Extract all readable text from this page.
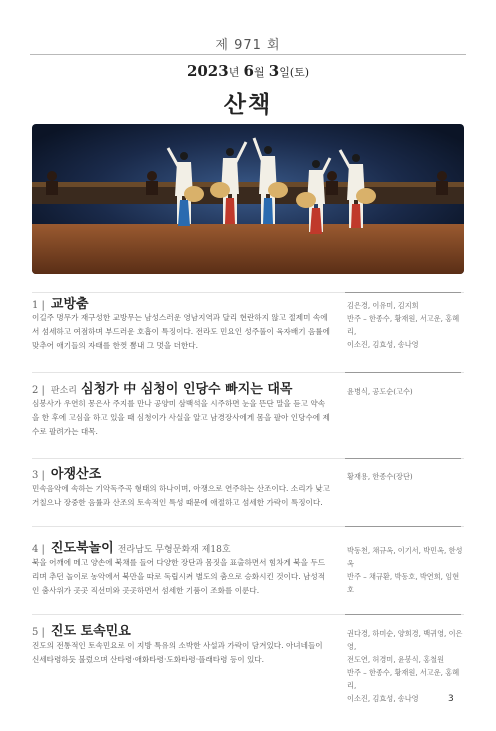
제 971 회
2023년 6월 3일(토)
산책
1 | 교방춤

이길주 명무가 재구성한 교방무는 남성스러운 영남지역과 달리 현란하지 않고 절제미 속에서 섬세하고 여점하며 부드러운 호흡이 특징이다. 전라도 민요인 성주풀이 육자배기 음률에 맞추어 애기들의 자태를 한껏 뽐내 그 멋을 더한다.

김은경, 이유미, 김지희
반주 – 한종수, 황재원, 서고운, 홍혜리,
이소진, 김효성, 송나영

2 | 판소리 심청가 中 심청이 인당수 빠지는 대목

심봉사가 우연히 몽은사 주지를 만나 공양미 삼백석을 시주하면 눈을 뜬단 말을 듣고 약속을 한 후에 고심을 하고 있을 때 심청이가 사실을 알고 남경장사에게 몸을 팔아 인당수에 제수로 팔려가는 대목.

윤병식, 공도순(고수)

3 | 아쟁산조

민속음악에 속하는 기악독주곡 형태의 하나이며, 아쟁으로 연주하는 산조이다. 소리가 낮고 거칠으나 장중한 음률과 산조의 토속적인 특성 때문에 애절하고 섬세한 가락이 특징이다.

황재용, 한종수(장단)

4 | 진도북놀이 전라남도 무형문화재 제18호

북을 어깨에 메고 양손에 북채를 들어 다양한 장단과 몸짓을 표출하면서 힘차게 북을 두드리며 추던 놀이로 농악에서 북만을 따로 독립시켜 별도의 춤으로 승화시킨 것이다. 남성적인 춤사위가 곳곳 직선미와 곳곳하면서 섬세한 기품이 조화를 이룬다.

박동천, 채규옥, 이기서, 박민옥, 한성옥
반주 – 채규환, 박동호, 박연희, 임현호

5 | 진도 토속민요

진도의 전통적인 토속민요로 이 지방 특유의 소박한 사설과 가락이 담겨있다. 아녀네들이 신세타령하듯 불렀으며 산타령·애화타령·도화타령·플래타령 등이 있다.

권다경, 하미순, 양희경, 백귀영, 이은영,
전도연, 허경미, 윤봉식, 홍철원
반주 – 한종수, 황재원, 서고운, 홍혜리,
이소진, 김효성, 송나영	3
